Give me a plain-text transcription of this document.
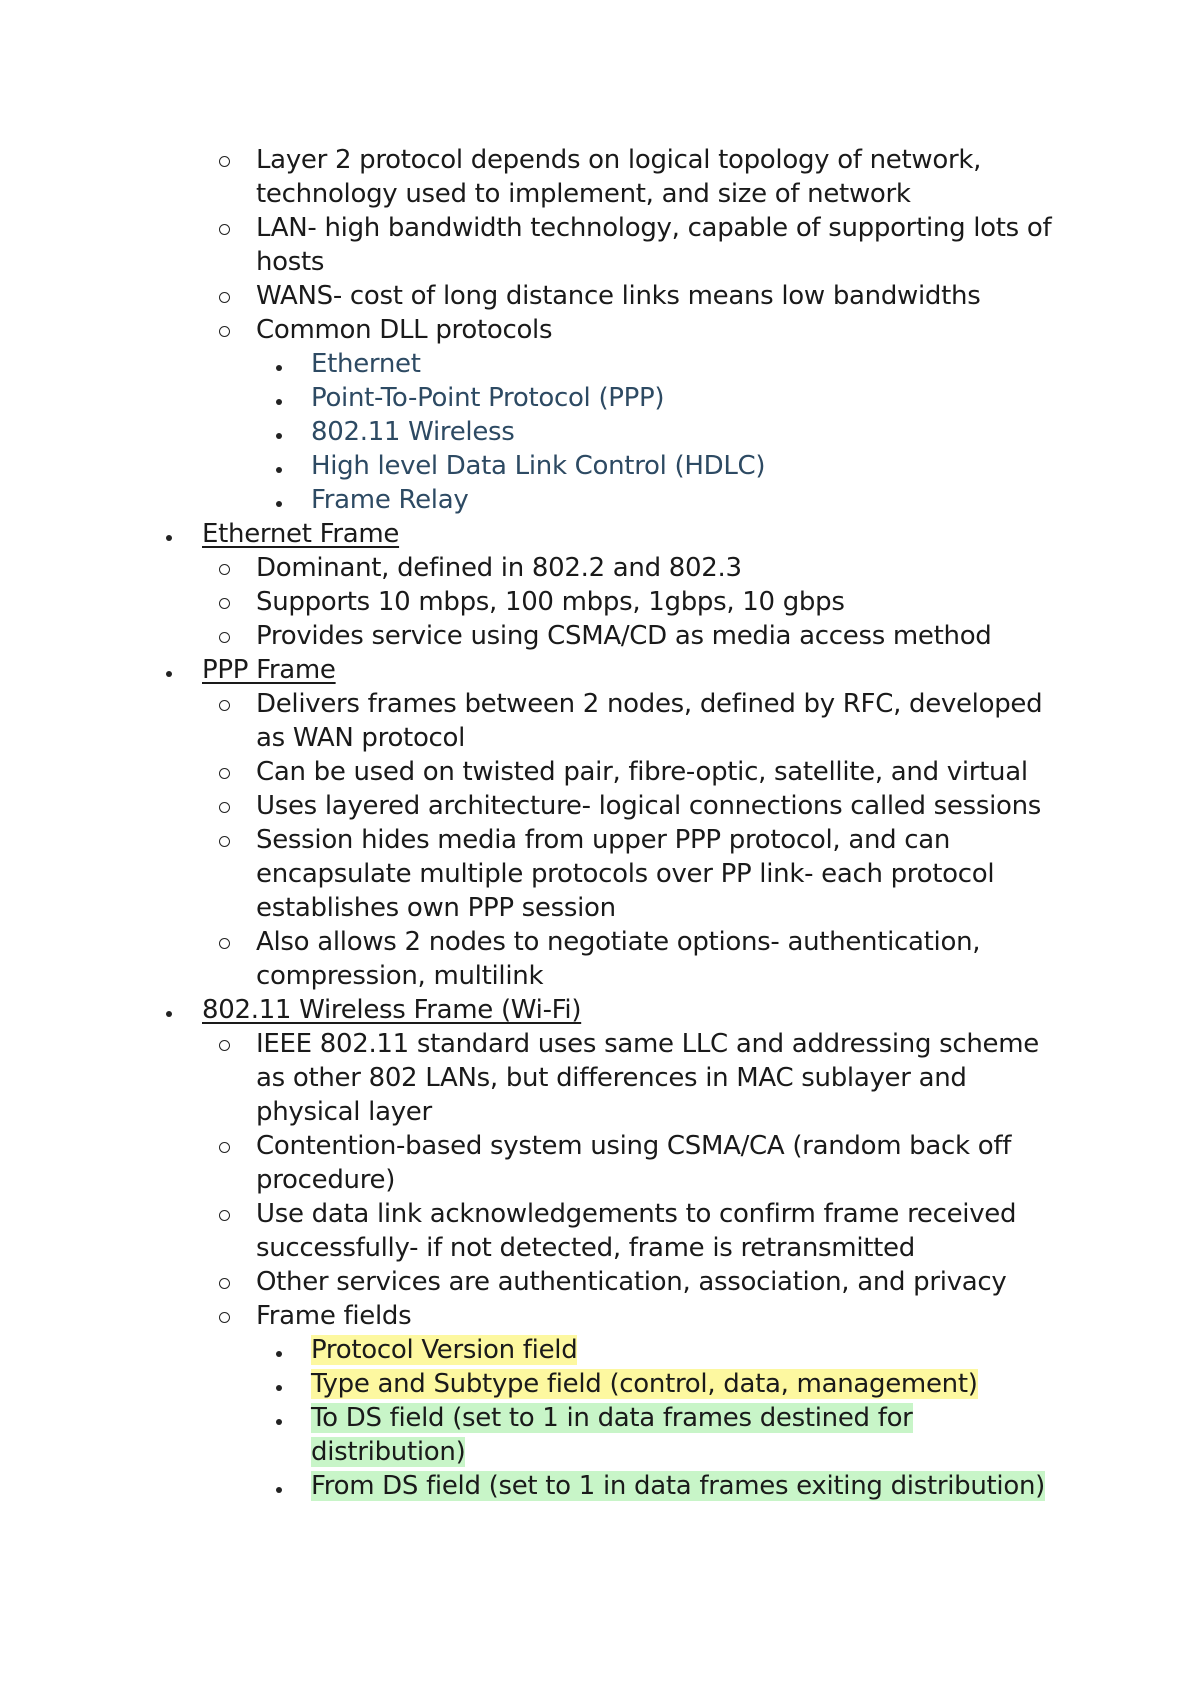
Layer 2 protocol depends on logical topology of network, technology used to implement, and size of network
LAN- high bandwidth technology, capable of supporting lots of hosts
WANS- cost of long distance links means low bandwidths
Common DLL protocols
Ethernet
Point-To-Point Protocol (PPP)
802.11 Wireless
High level Data Link Control (HDLC)
Frame Relay
Ethernet Frame
Dominant, defined in 802.2 and 802.3
Supports 10 mbps, 100 mbps, 1gbps, 10 gbps
Provides service using CSMA/CD as media access method
PPP Frame
Delivers frames between 2 nodes, defined by RFC, developed as WAN protocol
Can be used on twisted pair, fibre-optic, satellite, and virtual
Uses layered architecture- logical connections called sessions
Session hides media from upper PPP protocol, and can encapsulate multiple protocols over PP link- each protocol establishes own PPP session
Also allows 2 nodes to negotiate options- authentication, compression, multilink
802.11 Wireless Frame (Wi-Fi)
IEEE 802.11 standard uses same LLC and addressing scheme as other 802 LANs, but differences in MAC sublayer and physical layer
Contention-based system using CSMA/CA (random back off procedure)
Use data link acknowledgements to confirm frame received successfully- if not detected, frame is retransmitted
Other services are authentication, association, and privacy
Frame fields
Protocol Version field
Type and Subtype field (control, data, management)
To DS field (set to 1 in data frames destined for distribution)
From DS field (set to 1 in data frames exiting distribution)
